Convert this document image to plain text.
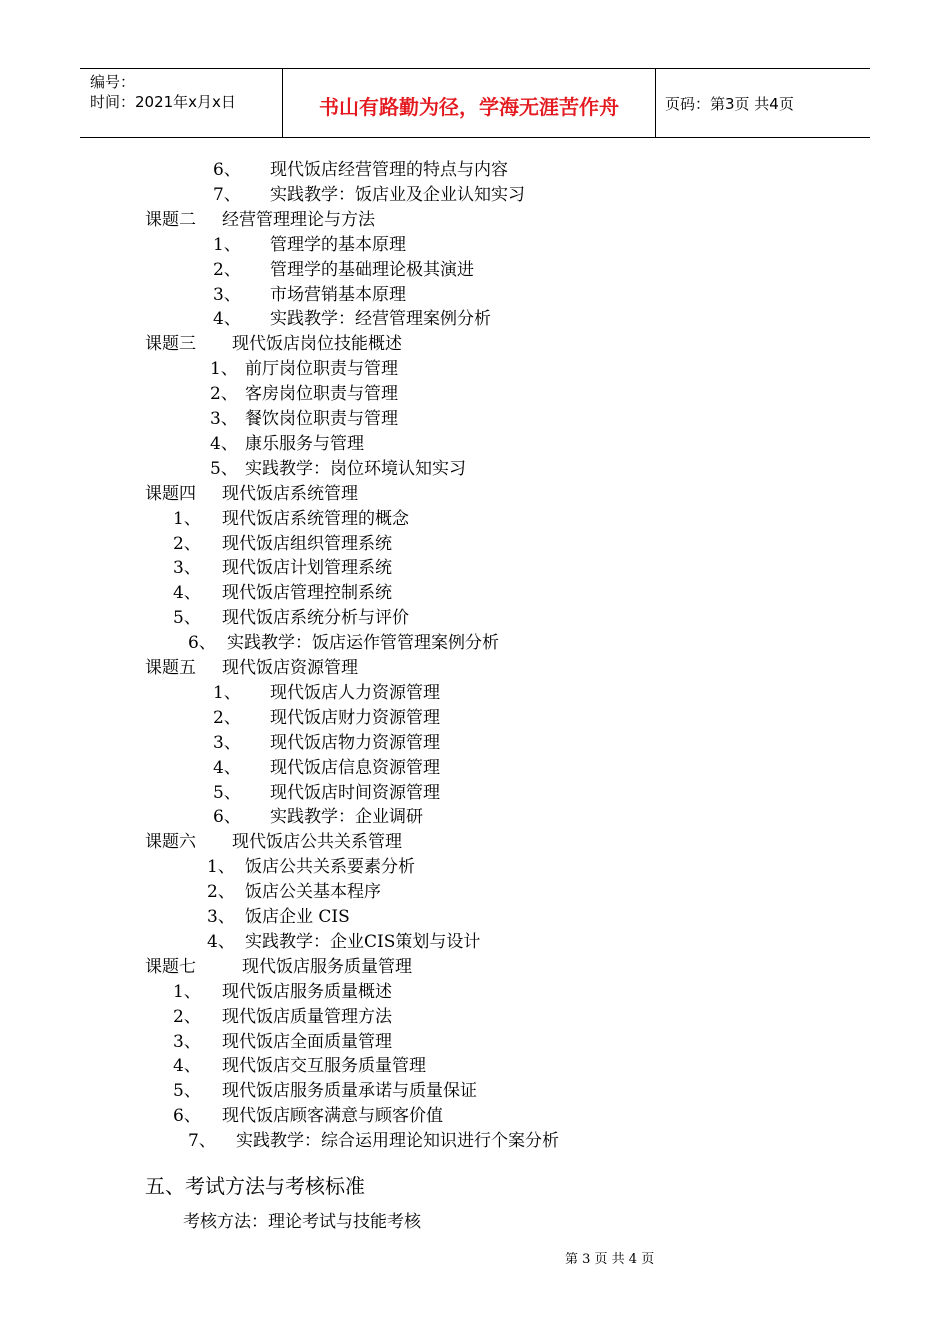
编号：
时间：2021年x月x日	书山有路勤为径，学海无涯苦作舟	页码：第3页 共4页
6、 现代饭店经营管理的特点与内容
7、 实践教学：饭店业及企业认知实习
课题二 经营管理理论与方法
1、 管理学的基本原理
2、 管理学的基础理论极其演进
3、 市场营销基本原理
4、 实践教学：经营管理案例分析
课题三 现代饭店岗位技能概述
1、 前厅岗位职责与管理
2、 客房岗位职责与管理
3、 餐饮岗位职责与管理
4、 康乐服务与管理
5、 实践教学：岗位环境认知实习
课题四 现代饭店系统管理
1、 现代饭店系统管理的概念
2、 现代饭店组织管理系统
3、 现代饭店计划管理系统
4、 现代饭店管理控制系统
5、 现代饭店系统分析与评价
6、 实践教学：饭店运作管管理案例分析
课题五 现代饭店资源管理
1、 现代饭店人力资源管理
2、 现代饭店财力资源管理
3、 现代饭店物力资源管理
4、 现代饭店信息资源管理
5、 现代饭店时间资源管理
6、 实践教学：企业调研
课题六 现代饭店公共关系管理
1、 饭店公共关系要素分析
2、 饭店公关基本程序
3、 饭店企业 CIS
4、 实践教学：企业CIS策划与设计
课题七	现代饭店服务质量管理
1、 现代饭店服务质量概述
2、 现代饭店质量管理方法
3、 现代饭店全面质量管理
4、 现代饭店交互服务质量管理
5、 现代饭店服务质量承诺与质量保证
6、 现代饭店顾客满意与顾客价值
7、 实践教学：综合运用理论知识进行个案分析
五、考试方法与考核标准
考核方法：理论考试与技能考核
第 3 页 共 4 页
